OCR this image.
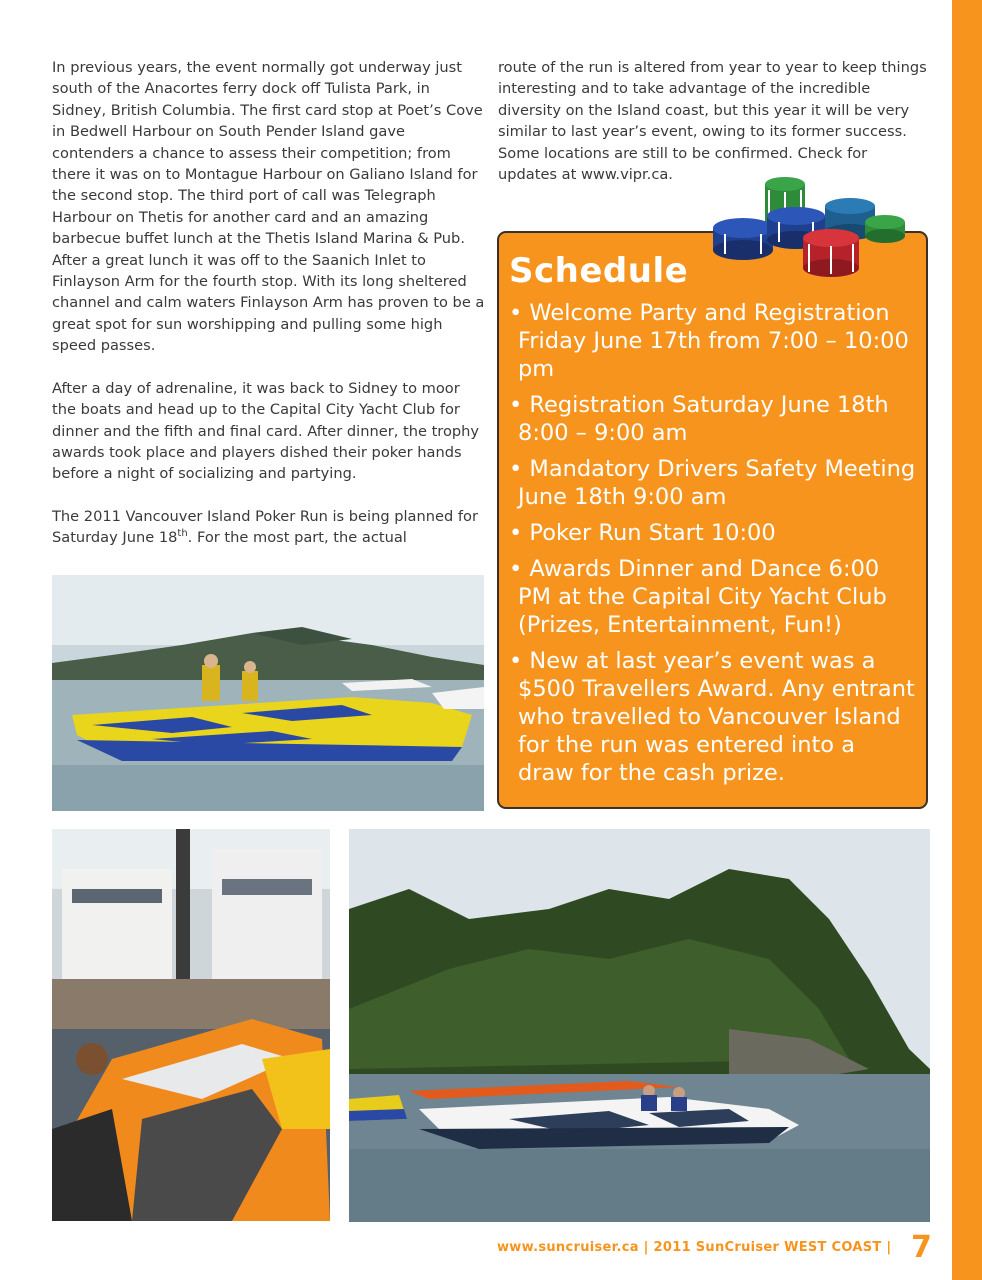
In previous years, the event normally got underway just south of the Anacortes ferry dock off Tulista Park, in Sidney, British Columbia. The first card stop at Poet’s Cove in Bedwell Harbour on South Pender Island gave contenders a chance to assess their competition; from there it was on to Montague Harbour on Galiano Island for the second stop. The third port of call was Telegraph Harbour on Thetis for another card and an amazing barbecue buffet lunch at the Thetis Island Marina & Pub. After a great lunch it was off to the Saanich Inlet to Finlayson Arm for the fourth stop. With its long sheltered channel and calm waters Finlayson Arm has proven to be a great spot for sun worshipping and pulling some high speed passes.

After a day of adrenaline, it was back to Sidney to moor the boats and head up to the Capital City Yacht Club for dinner and the fifth and final card. After dinner, the trophy awards took place and players dished their poker hands before a night of socializing and partying.

The 2011 Vancouver Island Poker Run is being planned for Saturday June 18th. For the most part, the actual

route of the run is altered from year to year to keep things interesting and to take advantage of the incredible diversity on the Island coast, but this year it will be very similar to last year’s event, owing to its former success. Some locations are still to be confirmed. Check for updates at www.vipr.ca.

Schedule
• Welcome Party and Registration Friday June 17th from 7:00 – 10:00 pm
• Registration Saturday June 18th 8:00 – 9:00 am
• Mandatory Drivers Safety Meeting June 18th 9:00 am
• Poker Run Start 10:00
• Awards Dinner and Dance 6:00 PM at the Capital City Yacht Club (Prizes, Entertainment, Fun!)
• New at last year’s event was a $500 Travellers Award. Any entrant who travelled to Vancouver Island for the run was entered into a draw for the cash prize.
www.suncruiser.ca | 2011 SunCruiser WEST COAST | 7
